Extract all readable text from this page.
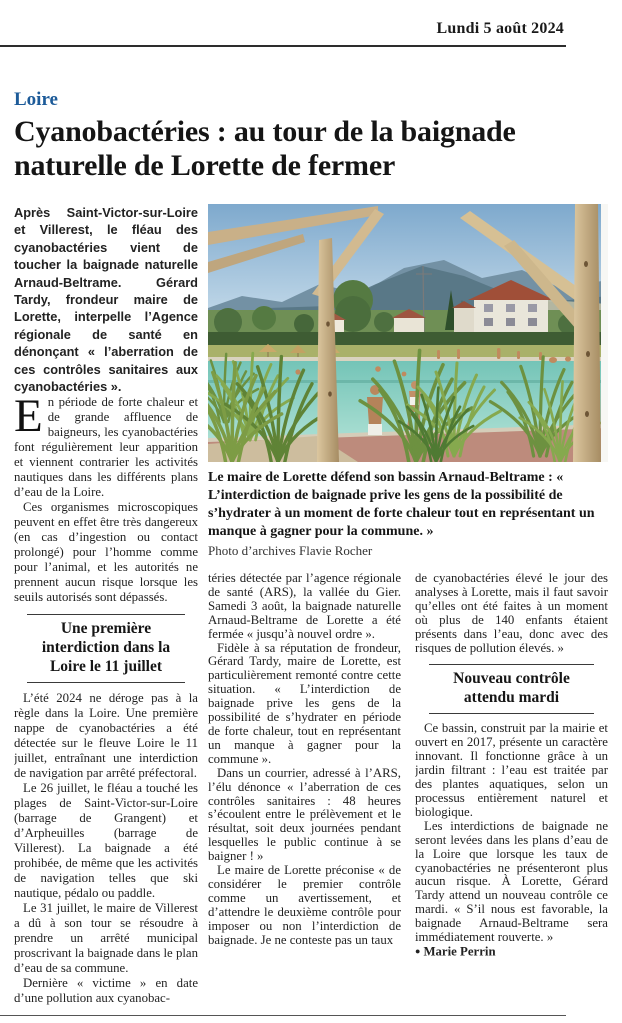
Lundi 5 août 2024
Loire
Cyanobactéries : au tour de la baignade naturelle de Lorette de fermer

Après Saint-Victor-sur-Loire et Villerest, le fléau des cyanobactéries vient de toucher la baignade naturelle Arnaud-Beltrame. Gérard Tardy, frondeur maire de Lorette, interpelle l’Agence régionale de santé en dénonçant « l’aberration de ces contrôles sanitaires aux cyanobactéries ».

En période de forte chaleur et de grande affluence de baigneurs, les cyanobactéries font régulièrement leur apparition et viennent contrarier les activités nautiques dans les différents plans d’eau de la Loire.

Ces organismes microscopiques peuvent en effet être très dangereux (en cas d’ingestion ou contact prolongé) pour l’homme comme pour l’animal, et les autorités ne prennent aucun risque lorsque les seuils autorisés sont dépassés.

Une première interdiction dans la Loire le 11 juillet

L’été 2024 ne déroge pas à la règle dans la Loire. Une première nappe de cyanobactéries a été détectée sur le fleuve Loire le 11 juillet, entraînant une interdiction de navigation par arrêté préfectoral.

Le 26 juillet, le fléau a touché les plages de Saint-Victor-sur-Loire (barrage de Grangent) et d’Arpheuilles (barrage de Villerest). La baignade a été prohibée, de même que les activités de navigation telles que ski nautique, pédalo ou paddle.

Le 31 juillet, le maire de Villerest a dû à son tour se résoudre à prendre un arrêté municipal proscrivant la baignade dans le plan d’eau de sa commune.

Dernière « victime » en date d’une pollution aux cyanobac-

Le maire de Lorette défend son bassin Arnaud-Beltrame : « L’interdiction de baignade prive les gens de la possibilité de s’hydrater à un moment de forte chaleur tout en représentant un manque à gagner pour la commune. »
Photo d’archives Flavie Rocher

téries détectée par l’agence régionale de santé (ARS), la vallée du Gier. Samedi 3 août, la baignade naturelle Arnaud-Beltrame de Lorette a été fermée « jusqu’à nouvel ordre ».

Fidèle à sa réputation de frondeur, Gérard Tardy, maire de Lorette, est particulièrement remonté contre cette situation. « L’interdiction de baignade prive les gens de la possibilité de s’hydrater en période de forte chaleur, tout en représentant un manque à gagner pour la commune ».

Dans un courrier, adressé à l’ARS, l’élu dénonce « l’aberration de ces contrôles sanitaires : 48 heures s’écoulent entre le prélèvement et le résultat, soit deux journées pendant lesquelles le public continue à se baigner ! »

Le maire de Lorette préconise « de considérer le premier contrôle comme un avertissement, et d’attendre le deuxième contrôle pour imposer ou non l’interdiction de baignade. Je ne conteste pas un taux

de cyanobactéries élevé le jour des analyses à Lorette, mais il faut savoir qu’elles ont été faites à un moment où plus de 140 enfants étaient présents dans l’eau, donc avec des risques de pollution élevés. »

Nouveau contrôle attendu mardi

Ce bassin, construit par la mairie et ouvert en 2017, présente un caractère innovant. Il fonctionne grâce à un jardin filtrant : l’eau est traitée par des plantes aquatiques, selon un processus entièrement naturel et biologique.

Les interdictions de baignade ne seront levées dans les plans d’eau de la Loire que lorsque les taux de cyanobactéries ne présenteront plus aucun risque. À Lorette, Gérard Tardy attend un nouveau contrôle ce mardi. « S’il nous est favorable, la baignade Arnaud-Beltrame sera immédiatement rouverte. »

● Marie Perrin
